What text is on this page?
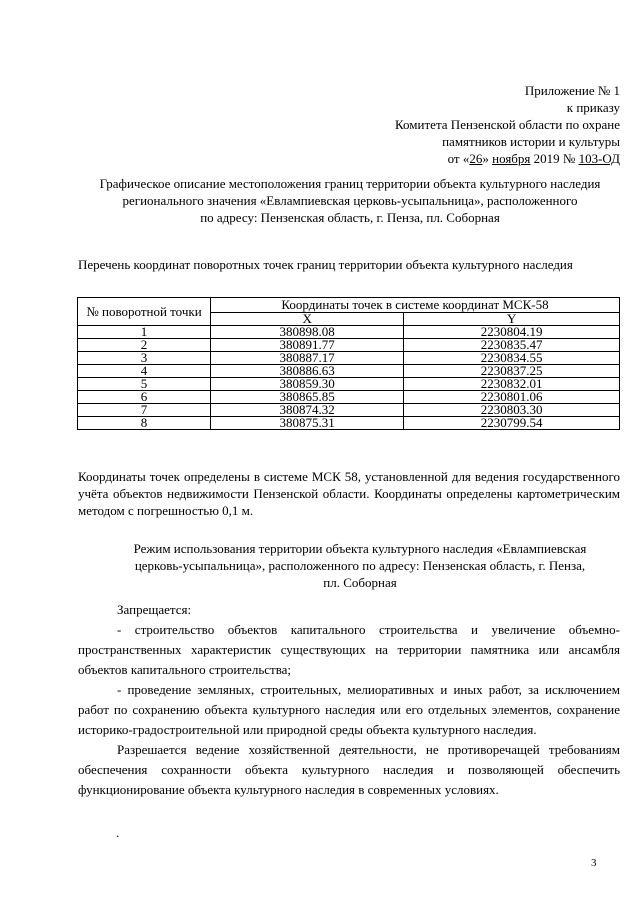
Приложение № 1
к приказу
Комитета Пензенской области по охране
памятников истории и культуры
от «26» ноября 2019 № 103-ОД
Графическое описание местоположения границ территории объекта культурного наследия
регионального значения «Евлампиевская церковь-усыпальница», расположенного
по адресу: Пензенская область, г. Пенза, пл. Соборная
Перечень координат поворотных точек границ территории объекта культурного наследия
№ поворотной точки	Координаты точек в системе координат МСК-58	
	X	Y
1	380898.08	2230804.19
2	380891.77	2230835.47
3	380887.17	2230834.55
4	380886.63	2230837.25
5	380859.30	2230832.01
6	380865.85	2230801.06
7	380874.32	2230803.30
8	380875.31	2230799.54
Координаты точек определены в системе МСК 58, установленной для ведения государственного учёта объектов недвижимости Пензенской области. Координаты определены картометрическим методом с погрешностью 0,1 м.
Режим использования территории объекта культурного наследия «Евлампиевская
церковь-усыпальница», расположенного по адресу: Пензенская область, г. Пенза,
пл. Соборная

Запрещается:

- строительство объектов капитального строительства и увеличение объемно-пространственных характеристик существующих на территории памятника или ансамбля объектов капитального строительства;

- проведение земляных, строительных, мелиоративных и иных работ, за исключением работ по сохранению объекта культурного наследия или его отдельных элементов, сохранение историко-градостроительной или природной среды объекта культурного наследия.

Разрешается ведение хозяйственной деятельности, не противоречащей требованиям обеспечения сохранности объекта культурного наследия и позволяющей обеспечить функционирование объекта культурного наследия в современных условиях.

.
3
